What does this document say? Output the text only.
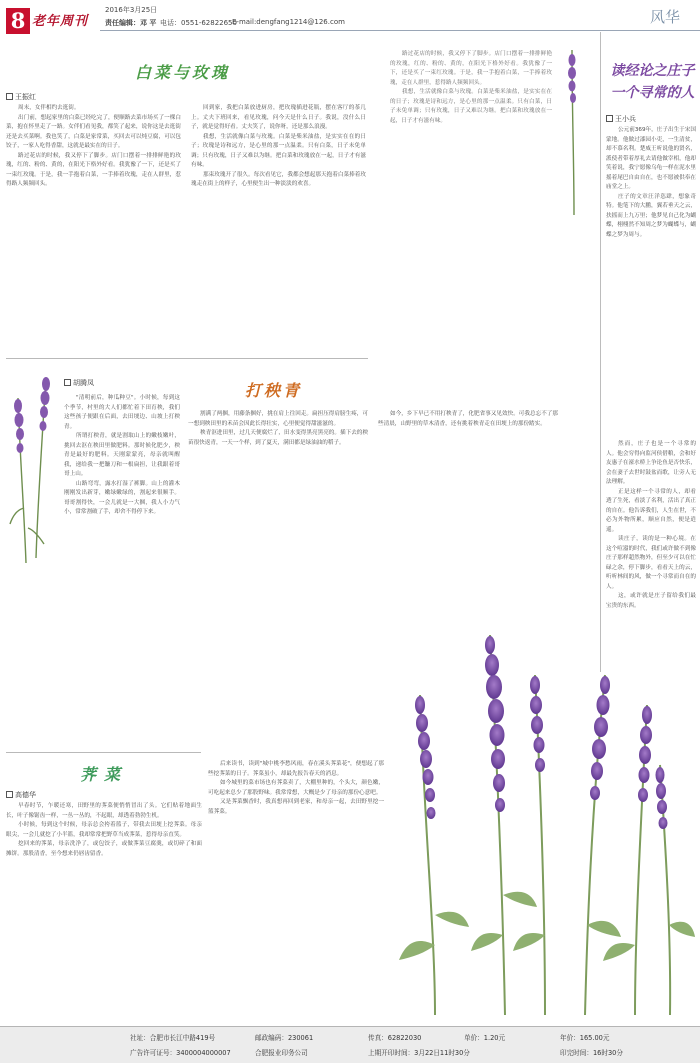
8 老年周刊
2016年3月25日
责任编辑：邓 平 电话：0551-62822650
E-mail:dengfang1214@126.com	风华
白菜与玫瑰
王振红

周末，女伴相约去逛街。

出门前，想起家里的白菜已经吃完了，便顺路去菜市场买了一棵白菜，抱在怀里走了一路。女伴们看见我，都笑了起来，说你这是去逛街还是去买菜啊。我也笑了，白菜是家常菜，买回去可以炖豆腐，可以包饺子，一家人吃得香甜，这就是最实在的日子。

路过花店的时候，我又停下了脚步。店门口摆着一排排鲜艳的玫瑰，红的、粉的、黄的，在阳光下格外好看。我犹豫了一下，还是买了一束红玫瑰。于是，我一手抱着白菜，一手捧着玫瑰，走在人群里，惹得路人频频回头。

回到家，我把白菜放进厨房，把玫瑰插进花瓶，摆在客厅的茶几上。丈夫下班回来，看见玫瑰，问今天是什么日子。我说，没什么日子，就是觉得好看。丈夫笑了，说你呀，还是那么浪漫。

我想，生活就像白菜与玫瑰。白菜是柴米油盐，是实实在在的日子；玫瑰是诗和远方，是心里的那一点温柔。只有白菜，日子未免单调；只有玫瑰，日子又难以为继。把白菜和玫瑰放在一起，日子才有滋有味。

那束玫瑰开了很久。每次看见它，我都会想起那天抱着白菜捧着玫瑰走在街上的样子，心里便生出一种淡淡的欢喜。

打秧青
胡腾凤

"清明前后，种瓜种豆"。小时候，每到这个季节，村里的大人们都忙着下田育秧，我们这些孩子便跟在后面，去田埂边、山坡上打秧青。

所谓打秧青，就是割取山上的嫩枝嫩叶，挑回去沤在秧田里做肥料。那时候化肥少，秧青是最好的肥料。天刚蒙蒙亮，母亲就叫醒我，递给我一把镰刀和一根扁担，让我跟着哥哥上山。

山路弯弯，露水打湿了裤脚。山上的灌木刚刚发出新芽，嫩绿嫩绿的，割起来很顺手。哥哥割得快，一会儿就是一大捆，我人小力气小，常常割破了手，却舍不得停下来。

割满了两捆，用藤条捆好，挑在肩上往回走。扁担压得肩膀生疼，可一想到秧田里的禾苗会因此长得壮实，心里便觉得甜滋滋的。

秧青沤进田里，过几天便腐烂了，田水变得黑亮黑亮的。插下去的秧苗很快返青，一天一个样，到了夏天，满田都是绿油油的稻子。

如今，乡下早已不用打秧青了，化肥省事又见效快。可我总忘不了那些清晨，山野里的草木清香，还有挑着秧青走在田埂上的那份踏实。

荠菜
高德华

早春时节，乍暖还寒，田野里的荠菜便悄悄冒出了头。它们贴着地面生长，叶子像锯齿一样，一丛一丛的，不起眼，却透着勃勃生机。

小时候，每到这个时候，母亲总会挎着篮子，带我去田埂上挖荠菜。母亲眼尖，一会儿就挖了小半篮，我却常常把野草当成荠菜，惹得母亲直笑。

挖回来的荠菜，母亲洗净了，或包饺子，或做荠菜豆腐羹，或切碎了和面摊饼。那股清香，至今想来仍唇齿留香。

后来读书，读到"城中桃李愁风雨，春在溪头荠菜花"，便想起了那些挖荠菜的日子。荠菜虽小，却最先报告春天的消息。

如今城里的菜市场也有荠菜卖了，大棚里种的，个头大，颜色嫩，可吃起来总少了那股野味。我常常想，大概是少了母亲的那份心意吧。

又是荠菜飘香时，我真想再回到老家，和母亲一起，去田野里挖一篮荠菜。

读经论之庄子一个寻常的人
王小兵

公元前369年，庄子出生于宋国蒙地。他做过漆园小吏，一生清贫，却不慕名利。楚威王听说他的贤名，派使者带着厚礼去请他做宰相，他却笑着说，我宁愿像乌龟一样在泥水里摇着尾巴自由自在，也不愿被供奉在庙堂之上。

庄子的文章汪洋恣肆，想象奇特。他笔下的大鹏，翼若垂天之云，扶摇而上九万里；他梦见自己化为蝴蝶，栩栩然不知周之梦为蝴蝶与，蝴蝶之梦为周与。

然而，庄子也是一个寻常的人。他会穷得向监河侯借粮，会和好友惠子在濠水桥上争论鱼是否快乐，会在妻子去世时鼓盆而歌，让旁人无法理解。

正是这样一个寻常的人，却看透了生死，看淡了名利，活出了真正的自在。他告诉我们，人生在世，不必为外物所累，顺应自然，便是逍遥。

读庄子，读的是一种心境。在这个喧嚣的时代，我们或许做不到像庄子那样超然物外，但至少可以在忙碌之余，停下脚步，看看天上的云，听听林间的风，做一个寻常而自在的人。

这，或许就是庄子留给我们最宝贵的东西。

路过花店的时候，我又停下了脚步。店门口摆着一排排鲜艳的玫瑰，红的、粉的、黄的，在阳光下格外好看。我犹豫了一下，还是买了一束红玫瑰。于是，我一手抱着白菜，一手捧着玫瑰，走在人群里，惹得路人频频回头。

我想，生活就像白菜与玫瑰。白菜是柴米油盐，是实实在在的日子；玫瑰是诗和远方，是心里的那一点温柔。只有白菜，日子未免单调；只有玫瑰，日子又难以为继。把白菜和玫瑰放在一起，日子才有滋有味。

社址：合肥市长江中路419号	邮政编码：230061	传真：62822030	单价：1.20元	年价：165.00元
广告许可证号：3400004000007	合肥报业印务公司	上期开印时间：3月22日11时30分	印完时间：16时30分
